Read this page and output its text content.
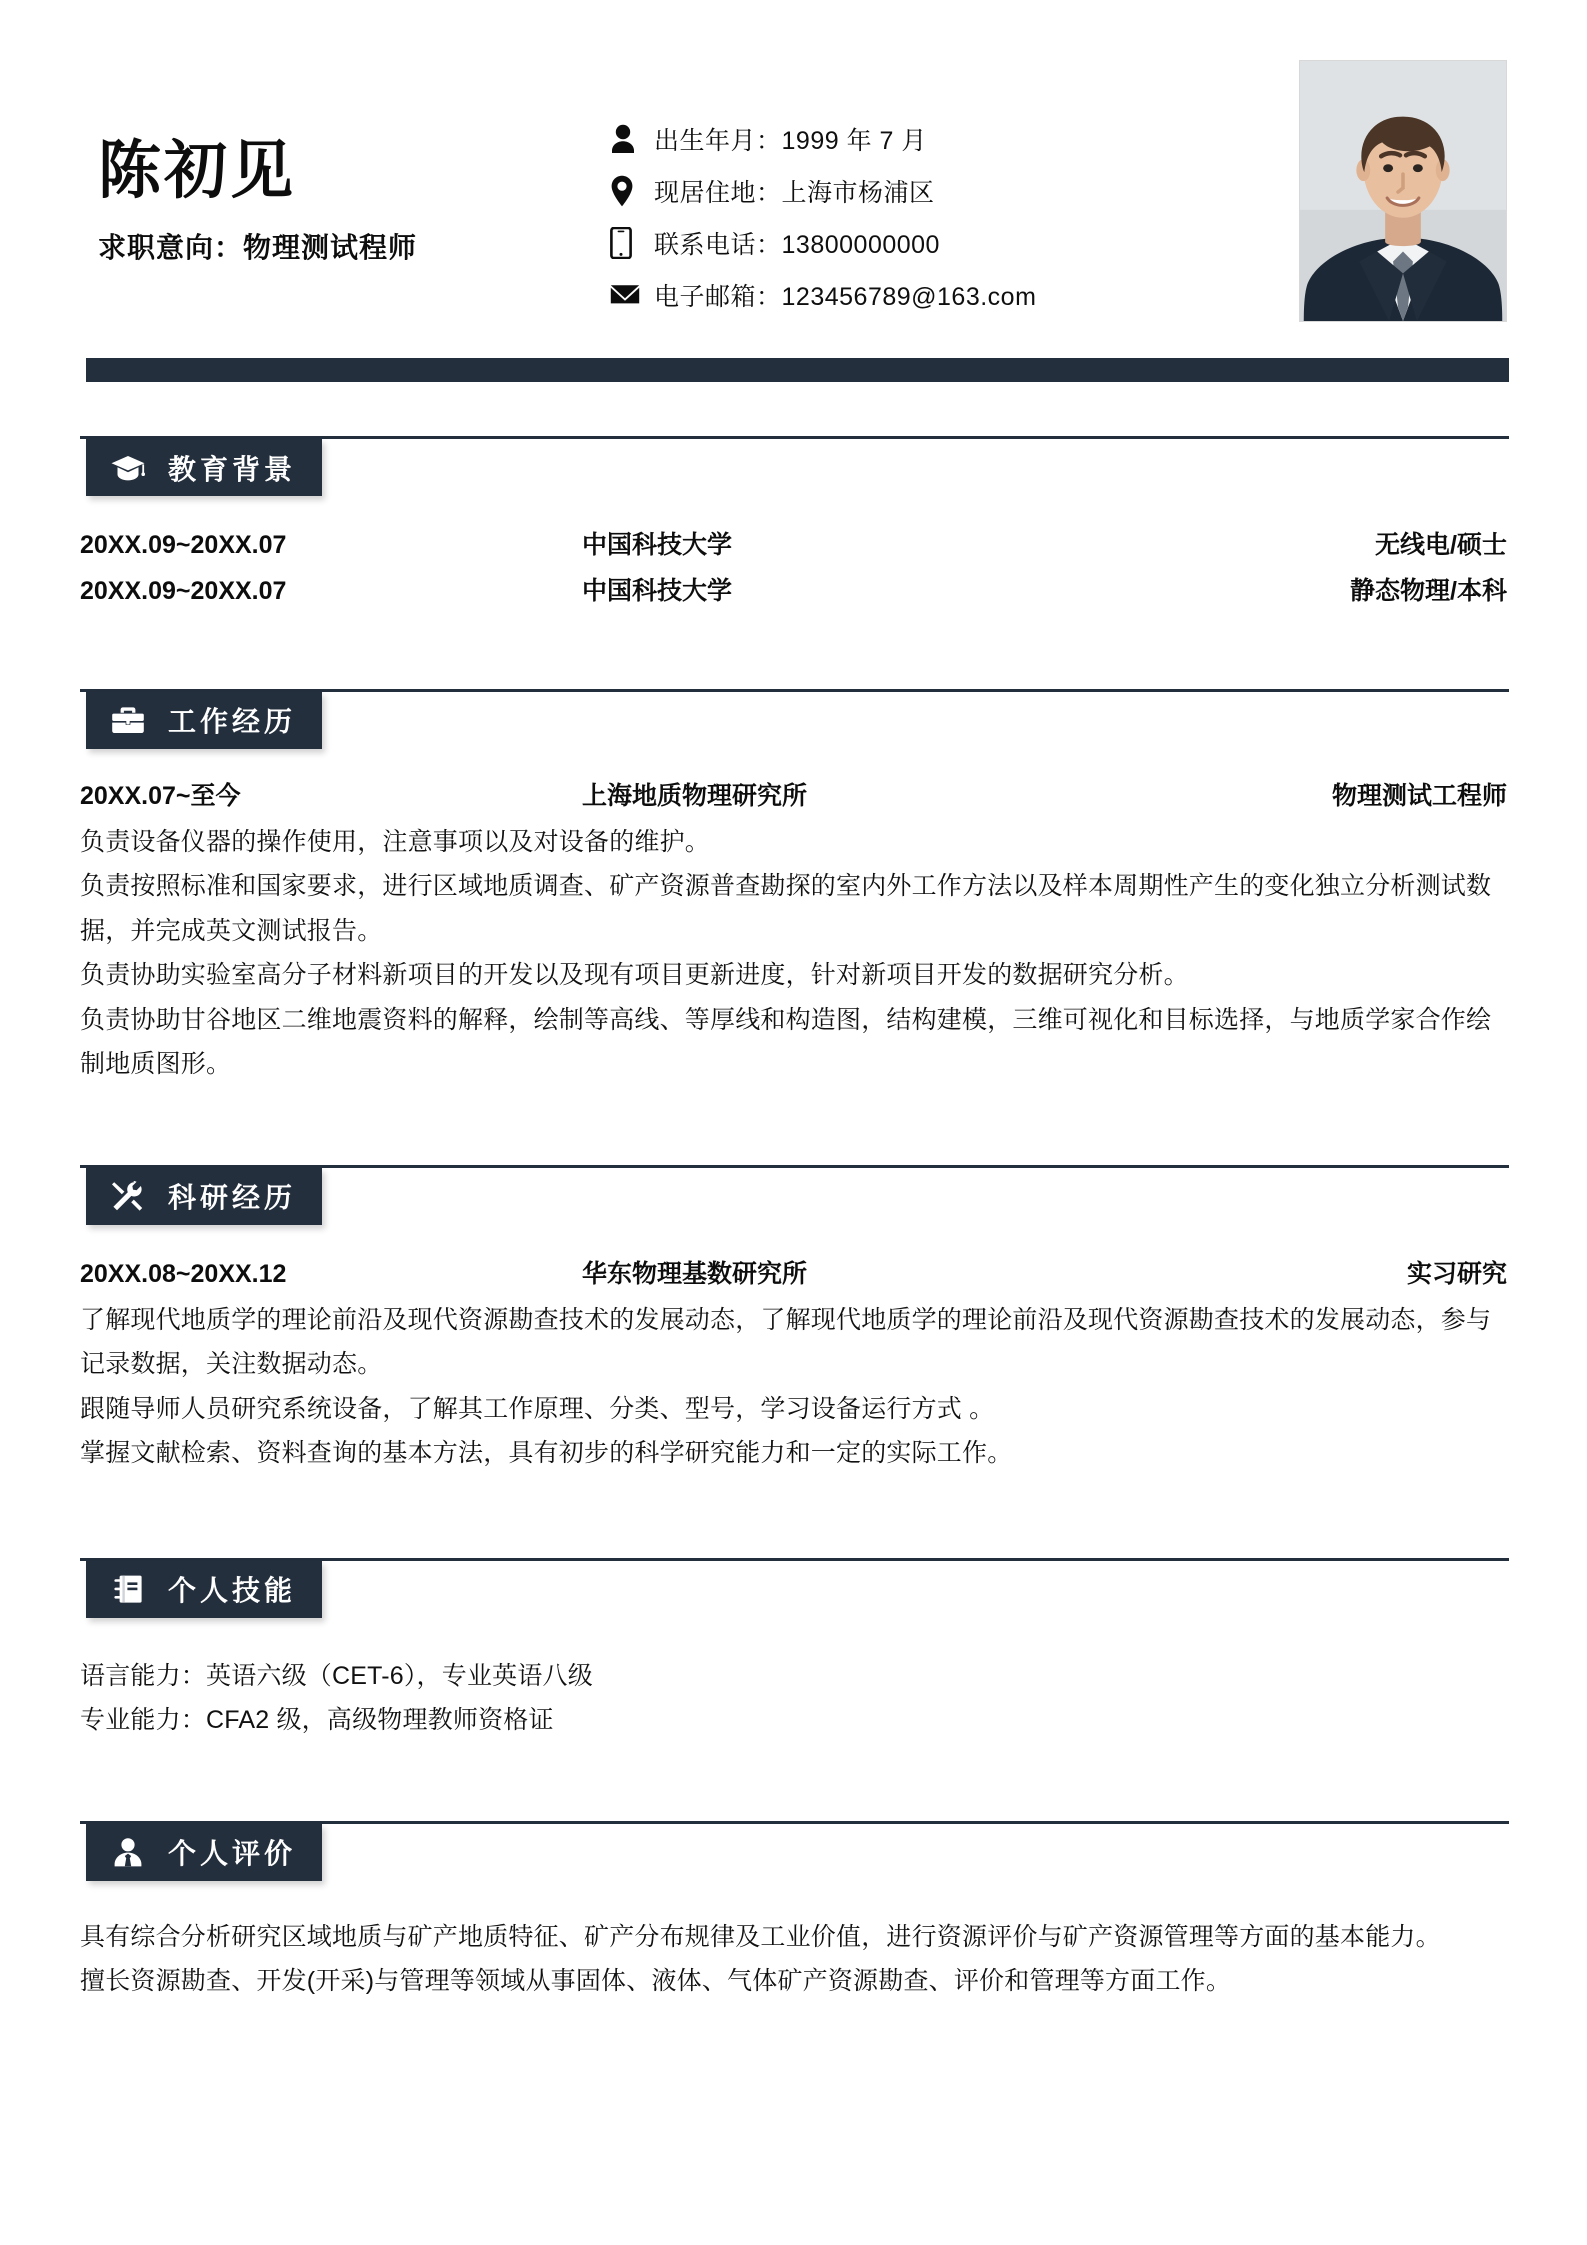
陈初见
求职意向：物理测试程师
出生年月：1999 年 7 月
现居住地：上海市杨浦区
联系电话：13800000000
电子邮箱：123456789@163.com
教育背景
20XX.09~20XX.07	中国科技大学	无线电/硕士
20XX.09~20XX.07	中国科技大学	静态物理/本科
工作经历
20XX.07~至今	上海地质物理研究所	物理测试工程师
负责设备仪器的操作使用，注意事项以及对设备的维护。
负责按照标准和国家要求，进行区域地质调查、矿产资源普查勘探的室内外工作方法以及样本周期性产生的变化独立分析测试数据，并完成英文测试报告。
负责协助实验室高分子材料新项目的开发以及现有项目更新进度，针对新项目开发的数据研究分析。
负责协助甘谷地区二维地震资料的解释，绘制等高线、等厚线和构造图，结构建模，三维可视化和目标选择，与地质学家合作绘制地质图形。
科研经历
20XX.08~20XX.12	华东物理基数研究所	实习研究
了解现代地质学的理论前沿及现代资源勘查技术的发展动态，了解现代地质学的理论前沿及现代资源勘查技术的发展动态，参与记录数据，关注数据动态。
跟随导师人员研究系统设备，了解其工作原理、分类、型号，学习设备运行方式 。
掌握文献检索、资料查询的基本方法，具有初步的科学研究能力和一定的实际工作。
个人技能
语言能力：英语六级（CET-6），专业英语八级
专业能力：CFA2 级，高级物理教师资格证
个人评价
具有综合分析研究区域地质与矿产地质特征、矿产分布规律及工业价值，进行资源评价与矿产资源管理等方面的基本能力。
擅长资源勘查、开发(开采)与管理等领域从事固体、液体、气体矿产资源勘查、评价和管理等方面工作。
